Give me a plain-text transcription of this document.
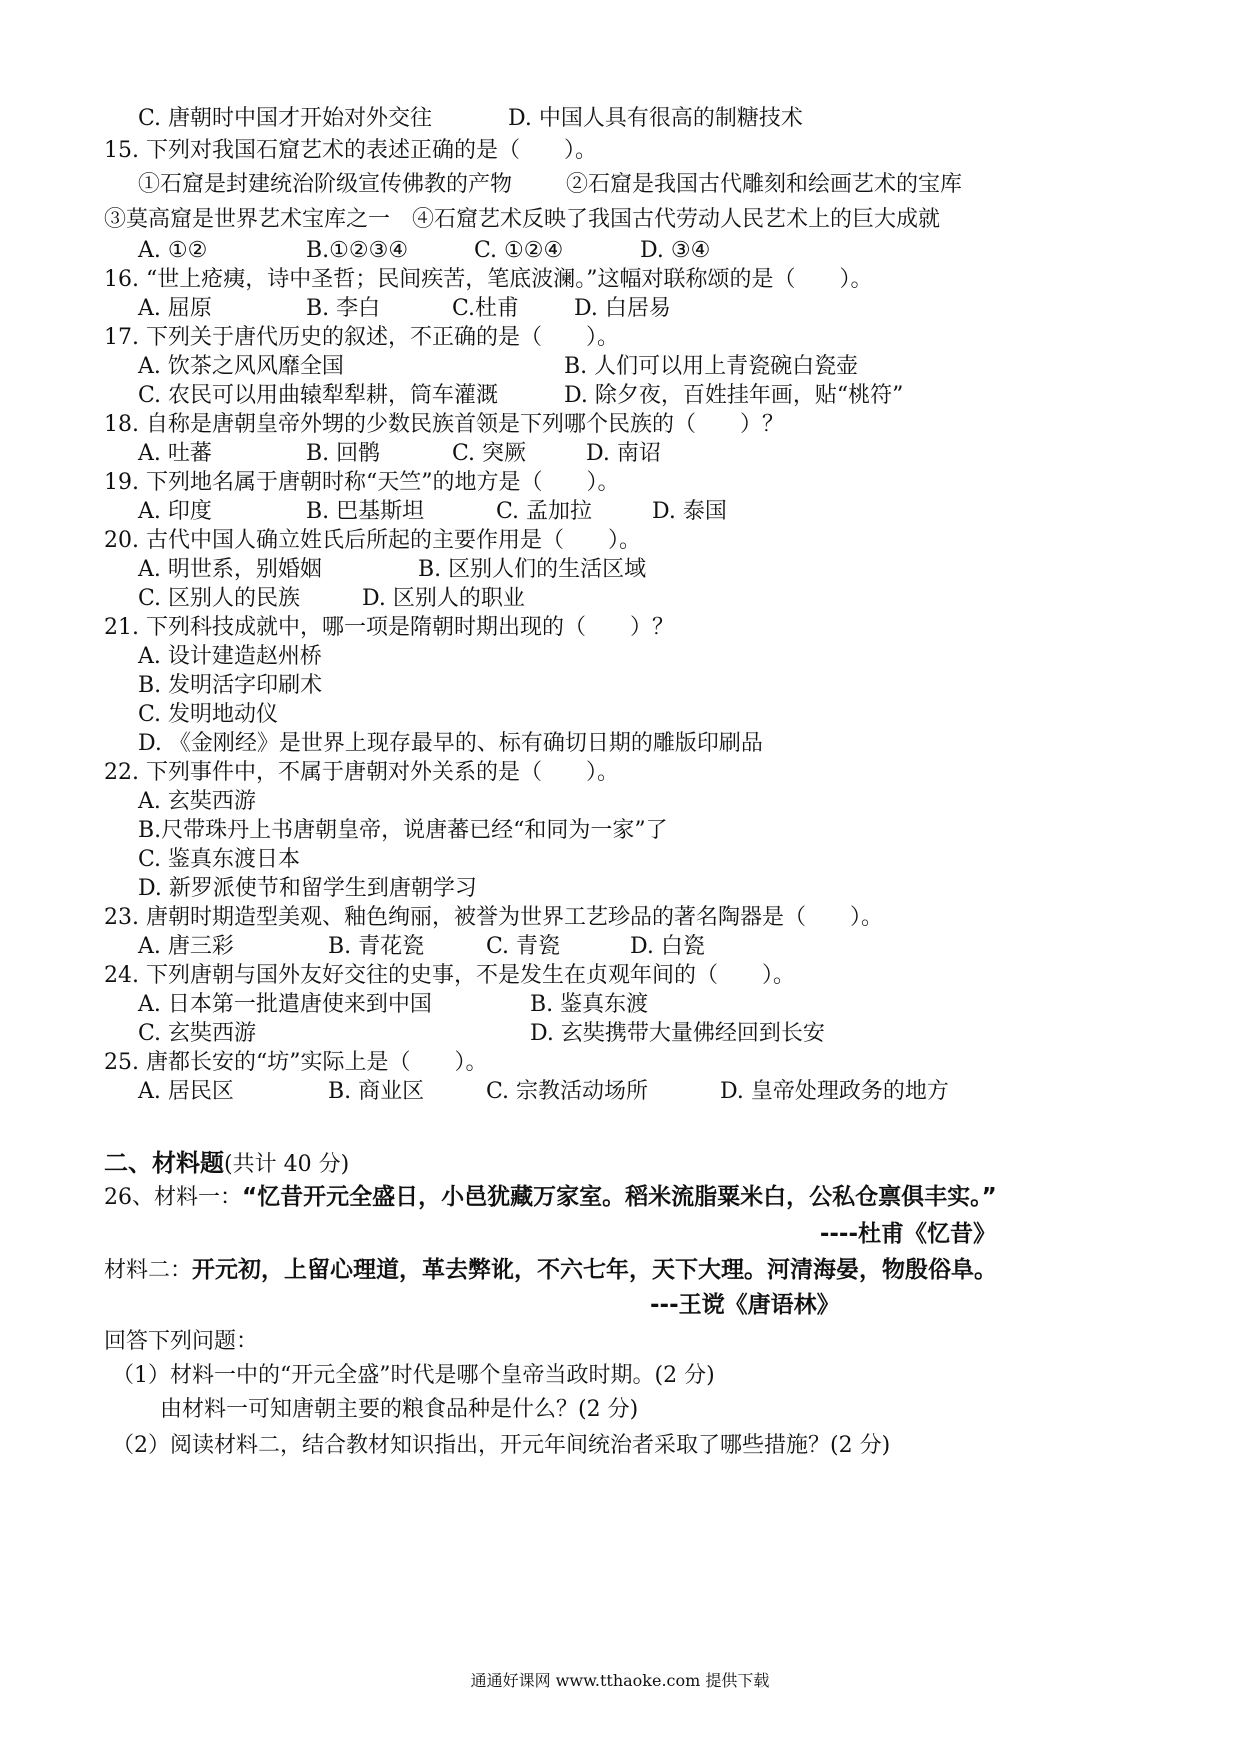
C. 唐朝时中国才开始对外交往	D. 中国人具有很高的制糖技术
15. 下列对我国石窟艺术的表述正确的是（　　）。
①石窟是封建统治阶级宣传佛教的产物 ②石窟是我国古代雕刻和绘画艺术的宝库
③莫高窟是世界艺术宝库之一 ④石窟艺术反映了我国古代劳动人民艺术上的巨大成就
A. ①②	B.①②③④	C. ①②④	D. ③④
16. “世上疮痍，诗中圣哲；民间疾苦，笔底波澜。”这幅对联称颂的是（　　）。
A. 屈原	B. 李白	C.杜甫 D. 白居易
17. 下列关于唐代历史的叙述，不正确的是（　　）。
A. 饮茶之风风靡全国	B. 人们可以用上青瓷碗白瓷壶
C. 农民可以用曲辕犁犁耕，筒车灌溉	D. 除夕夜，百姓挂年画，贴“桃符”
18. 自称是唐朝皇帝外甥的少数民族首领是下列哪个民族的（　　）？
A. 吐蕃	B. 回鹘	C. 突厥	D. 南诏
19. 下列地名属于唐朝时称“天竺”的地方是（　　）。
A. 印度	B. 巴基斯坦	C. 孟加拉	D. 泰国
20. 古代中国人确立姓氏后所起的主要作用是（　　）。
A. 明世系，别婚姻	B. 区别人们的生活区域
C. 区别人的民族	D. 区别人的职业
21. 下列科技成就中，哪一项是隋朝时期出现的（　　）？
A. 设计建造赵州桥
B. 发明活字印刷术
C. 发明地动仪
D. 《金刚经》是世界上现存最早的、标有确切日期的雕版印刷品
22. 下列事件中，不属于唐朝对外关系的是（　　）。
A. 玄奘西游
B.尺带珠丹上书唐朝皇帝，说唐蕃已经“和同为一家”了
C. 鉴真东渡日本
D. 新罗派使节和留学生到唐朝学习
23. 唐朝时期造型美观、釉色绚丽，被誉为世界工艺珍品的著名陶器是（　　）。
A. 唐三彩	B. 青花瓷	C. 青瓷	D. 白瓷
24. 下列唐朝与国外友好交往的史事，不是发生在贞观年间的（　　）。
A. 日本第一批遣唐使来到中国	B. 鉴真东渡
C. 玄奘西游	D. 玄奘携带大量佛经回到长安
25. 唐都长安的“坊”实际上是（　　）。
A. 居民区	B. 商业区	C. 宗教活动场所	D. 皇帝处理政务的地方
二、材料题(共计 40 分)
26、材料一：“忆昔开元全盛日，小邑犹藏万家室。稻米流脂粟米白，公私仓禀俱丰实。”
----杜甫《忆昔》
材料二：开元初，上留心理道，革去弊讹，不六七年，天下大理。河清海晏，物殷俗阜。
---王谠《唐语林》
回答下列问题：
（1）材料一中的“开元全盛”时代是哪个皇帝当政时期。(2 分)
由材料一可知唐朝主要的粮食品种是什么？(2 分)
（2）阅读材料二，结合教材知识指出，开元年间统治者采取了哪些措施？(2 分)
通通好课网 www.tthaoke.com 提供下载
